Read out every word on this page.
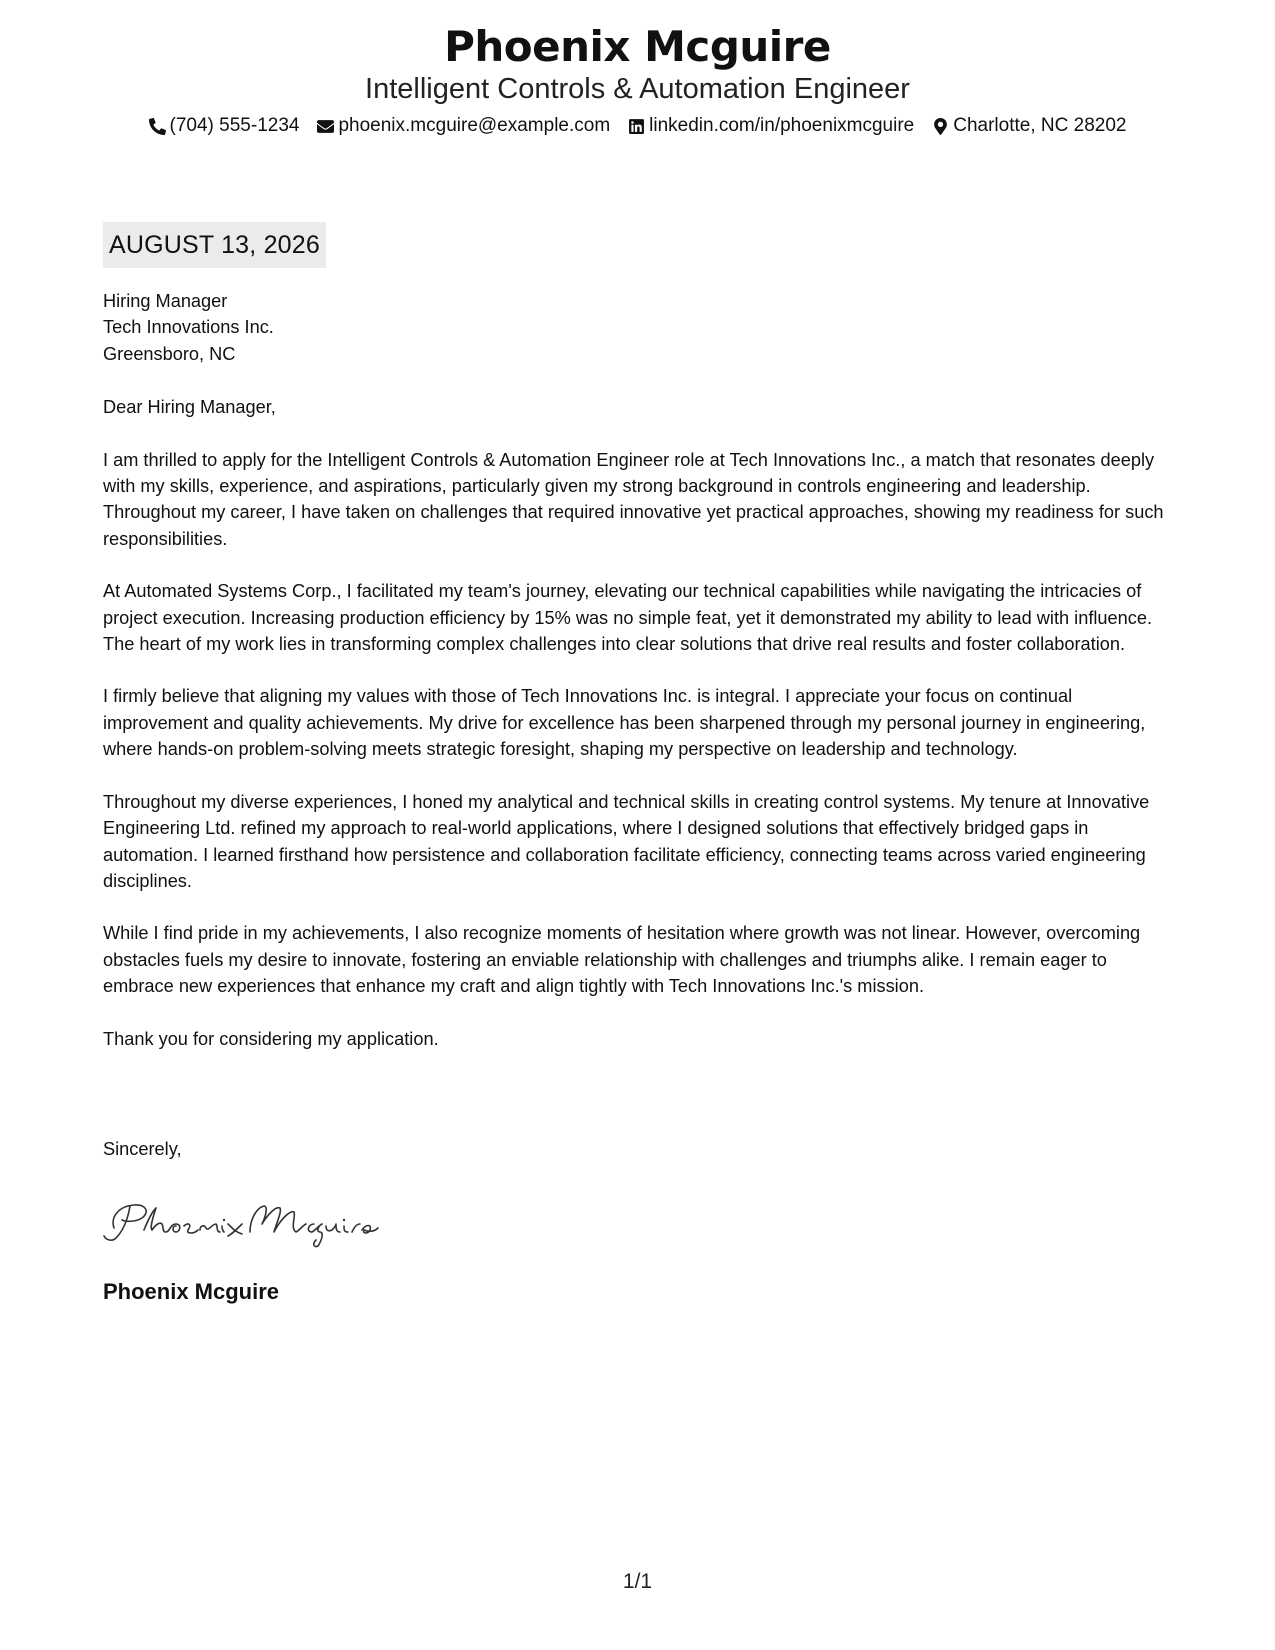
Phoenix Mcguire
Intelligent Controls & Automation Engineer
(704) 555-1234 phoenix.mcguire@example.com linkedin.com/in/phoenixmcguire Charlotte, NC 28202
AUGUST 13, 2026
Hiring Manager
Tech Innovations Inc.
Greensboro, NC
Dear Hiring Manager,

I am thrilled to apply for the Intelligent Controls & Automation Engineer role at Tech Innovations Inc., a match that resonates deeply with my skills, experience, and aspirations, particularly given my strong background in controls engineering and leadership. Throughout my career, I have taken on challenges that required innovative yet practical approaches, showing my readiness for such responsibilities.

At Automated Systems Corp., I facilitated my team's journey, elevating our technical capabilities while navigating the intricacies of project execution. Increasing production efficiency by 15% was no simple feat, yet it demonstrated my ability to lead with influence. The heart of my work lies in transforming complex challenges into clear solutions that drive real results and foster collaboration.

I firmly believe that aligning my values with those of Tech Innovations Inc. is integral. I appreciate your focus on continual improvement and quality achievements. My drive for excellence has been sharpened through my personal journey in engineering, where hands-on problem-solving meets strategic foresight, shaping my perspective on leadership and technology.

Throughout my diverse experiences, I honed my analytical and technical skills in creating control systems. My tenure at Innovative Engineering Ltd. refined my approach to real-world applications, where I designed solutions that effectively bridged gaps in automation. I learned firsthand how persistence and collaboration facilitate efficiency, connecting teams across varied engineering disciplines.

While I find pride in my achievements, I also recognize moments of hesitation where growth was not linear. However, overcoming obstacles fuels my desire to innovate, fostering an enviable relationship with challenges and triumphs alike. I remain eager to embrace new experiences that enhance my craft and align tightly with Tech Innovations Inc.'s mission.

Thank you for considering my application.
Sincerely,
Phoenix Mcguire
1/1
